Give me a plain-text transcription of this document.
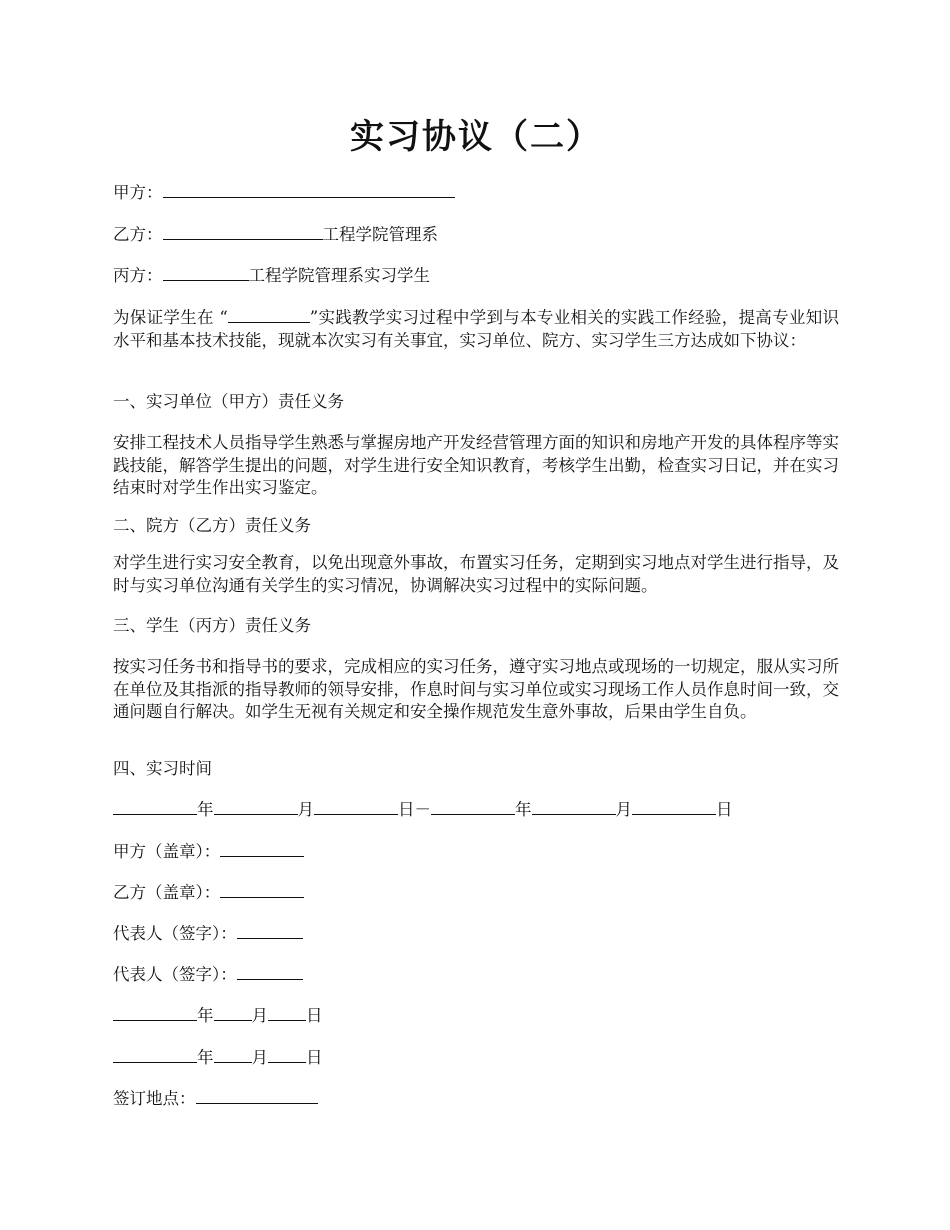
实习协议（二）
甲方：
乙方：	工程学院管理系
丙方：	工程学院管理系实习学生

为保证学生在 “	”实践教学实习过程中学到与本专业相关的实践工作经验，提高专业知识水平和基本技术技能，现就本次实习有关事宜，实习单位、院方、实习学生三方达成如下协议：

一、实习单位（甲方）责任义务

安排工程技术人员指导学生熟悉与掌握房地产开发经营管理方面的知识和房地产开发的具体程序等实践技能，解答学生提出的问题，对学生进行安全知识教育，考核学生出勤，检查实习日记，并在实习结束时对学生作出实习鉴定。

二、院方（乙方）责任义务

对学生进行实习安全教育，以免出现意外事故，布置实习任务，定期到实习地点对学生进行指导，及时与实习单位沟通有关学生的实习情况，协调解决实习过程中的实际问题。

三、学生（丙方）责任义务

按实习任务书和指导书的要求，完成相应的实习任务，遵守实习地点或现场的一切规定，服从实习所在单位及其指派的指导教师的领导安排，作息时间与实习单位或实习现场工作人员作息时间一致，交通问题自行解决。如学生无视有关规定和安全操作规范发生意外事故，后果由学生自负。

四、实习时间
年	月	日－	年	月	日
甲方（盖章）：
乙方（盖章）：
代表人（签字）：
代表人（签字）：
年 月 日
年 月 日
签订地点：
